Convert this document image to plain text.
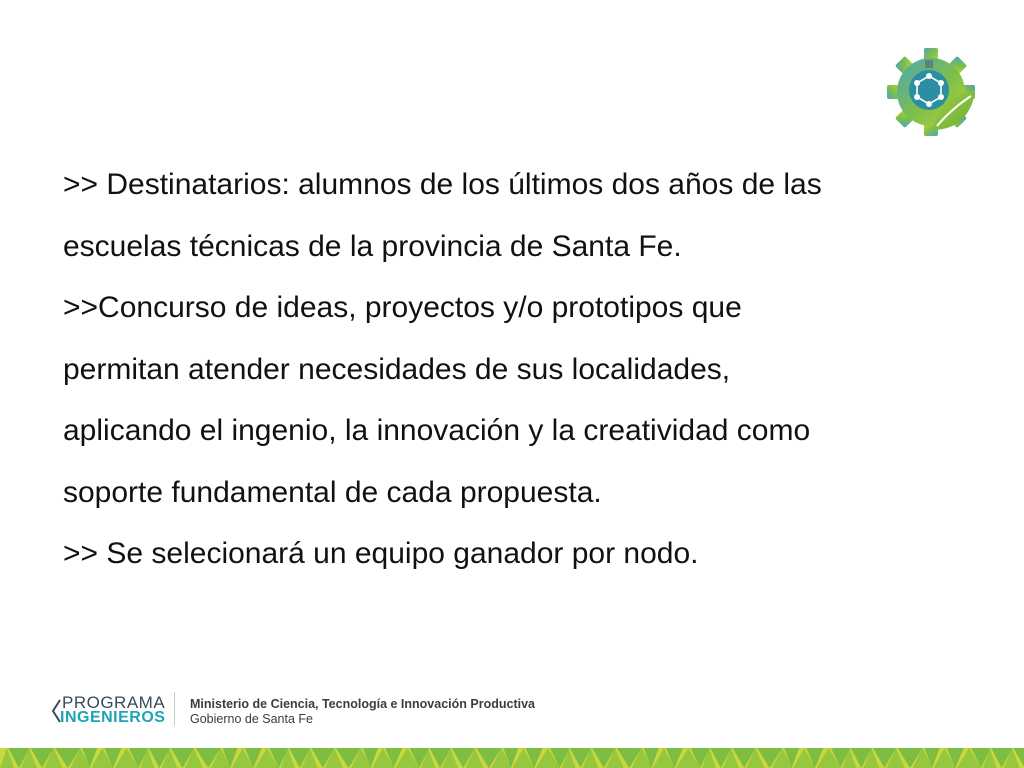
>> Destinatarios: alumnos de los últimos dos años de las
escuelas técnicas de la provincia de Santa Fe.

>>Concurso de ideas, proyectos y/o prototipos que
permitan atender necesidades de sus localidades,
aplicando el ingenio, la innovación y la creatividad como
soporte fundamental de cada propuesta.

>> Se selecionará un equipo ganador por nodo.

PROGRAMA
INGENIEROS
Ministerio de Ciencia, Tecnología e Innovación Productiva
Gobierno de Santa Fe
